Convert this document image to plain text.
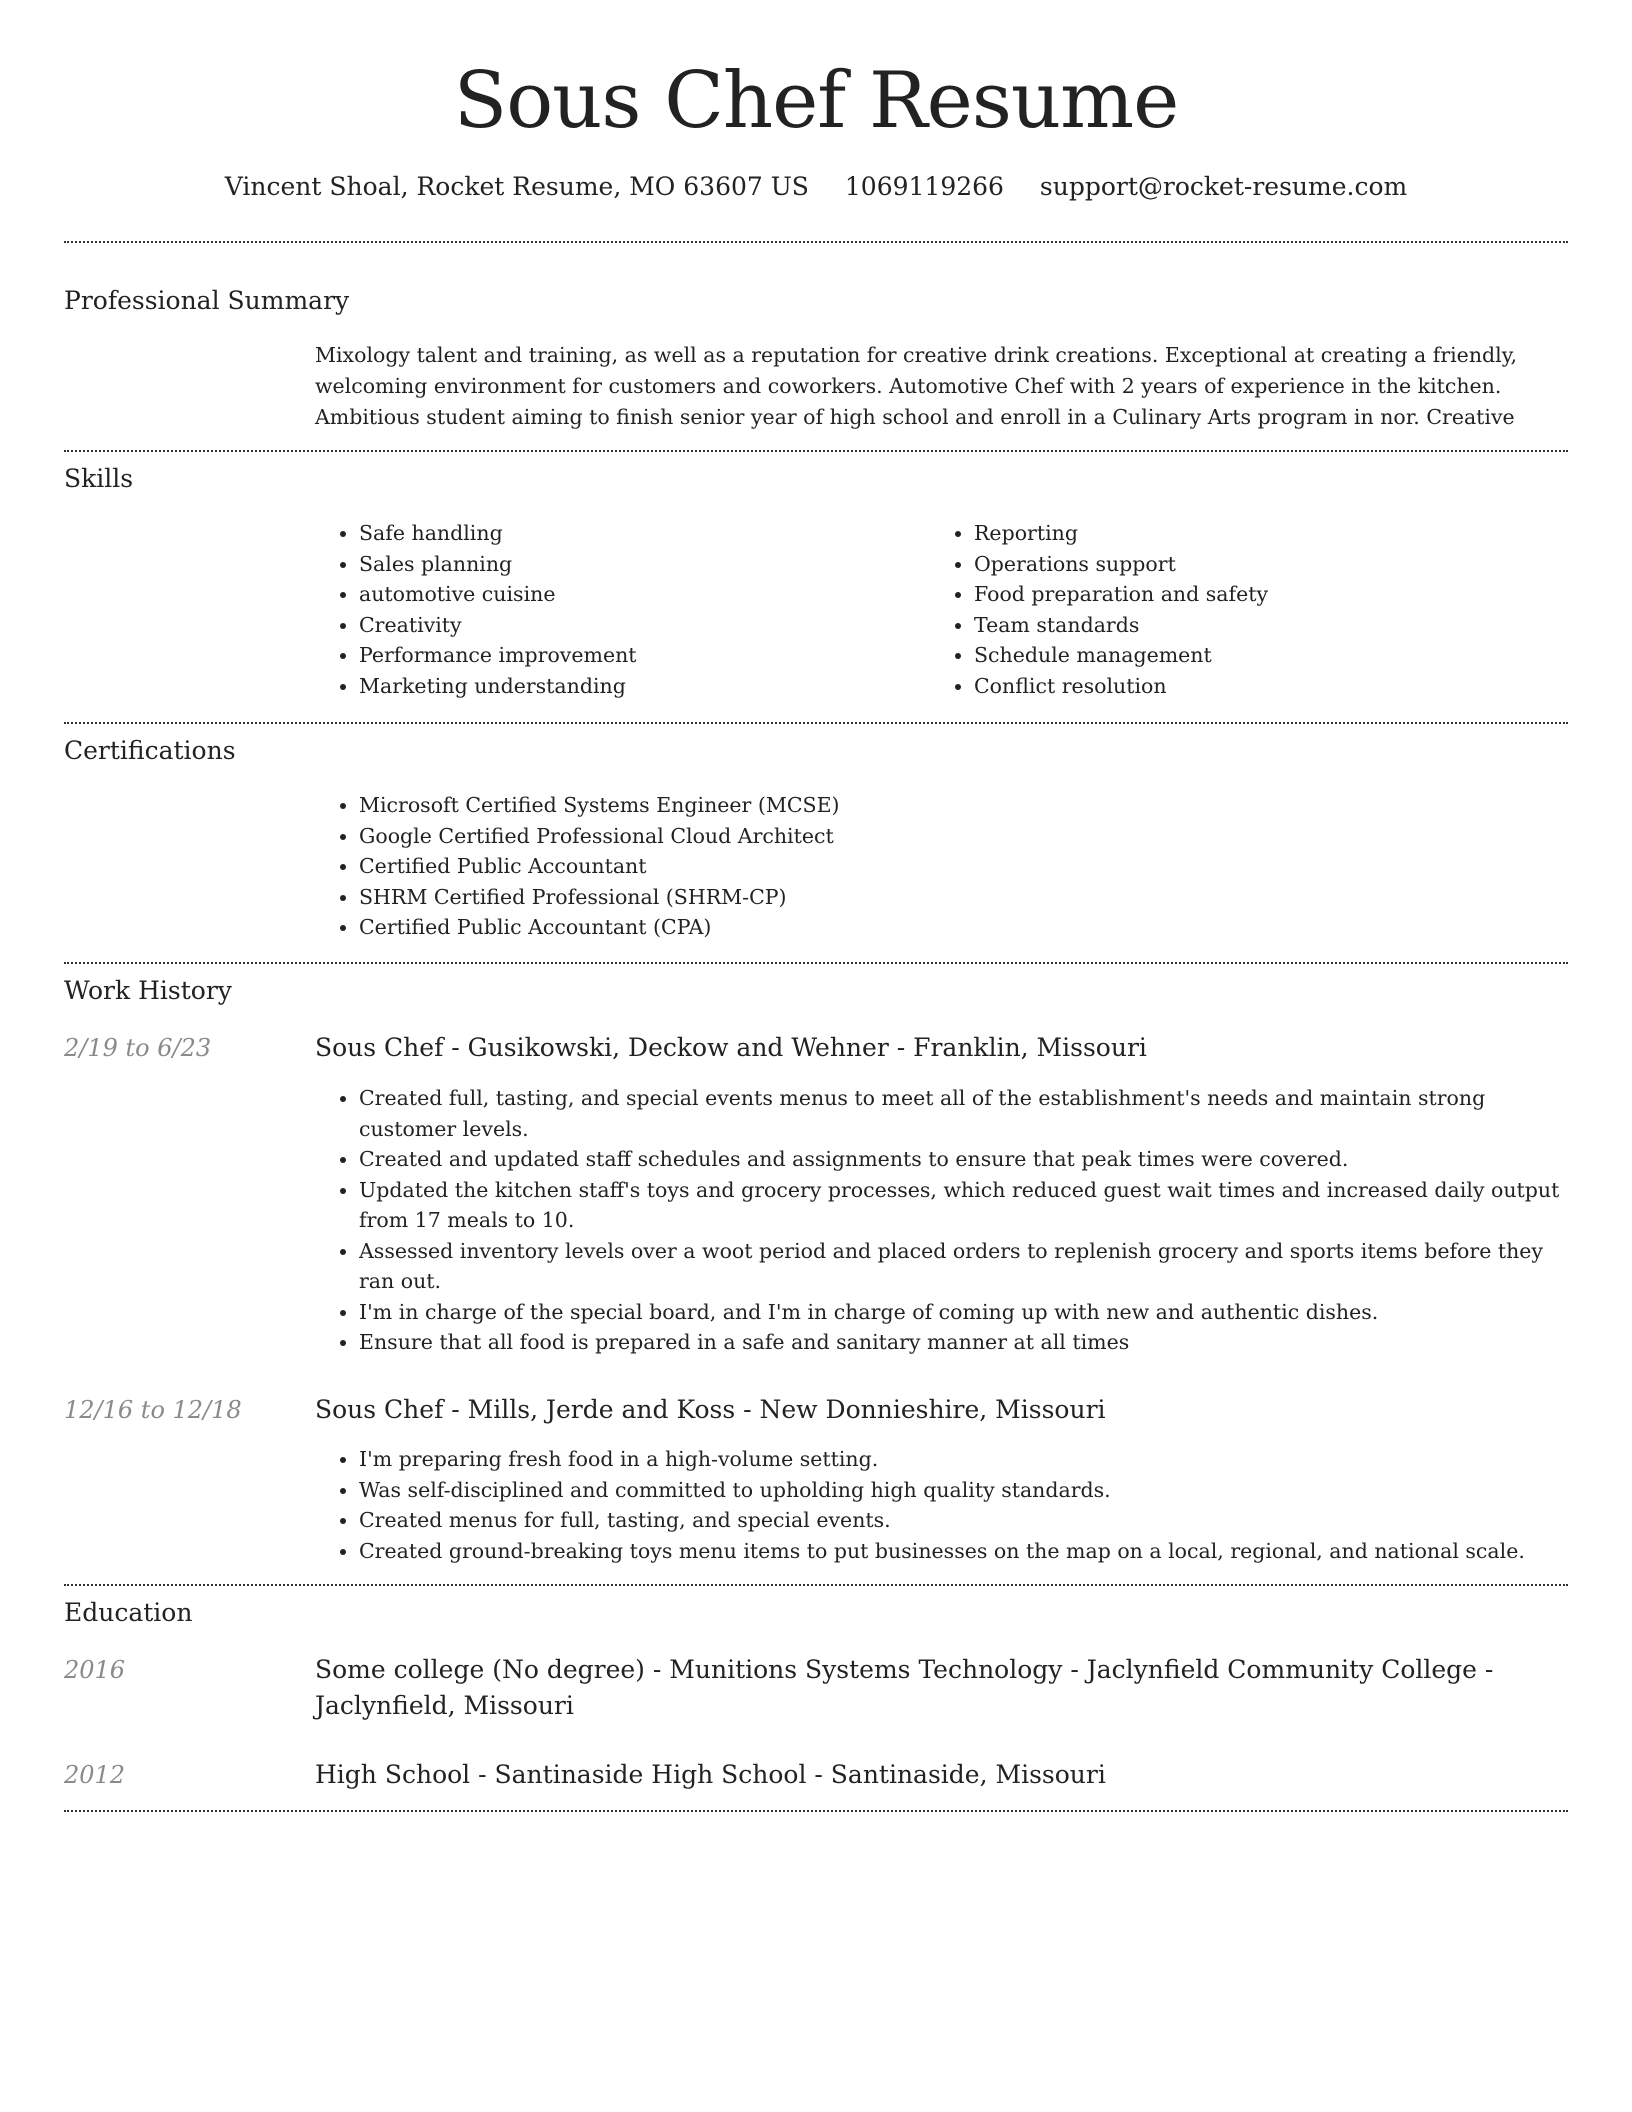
Sous Chef Resume
Vincent Shoal, Rocket Resume, MO 63607 US 1069119266 support@rocket-resume.com
Professional Summary
Mixology talent and training, as well as a reputation for creative drink creations. Exceptional at creating a friendly, welcoming environment for customers and coworkers. Automotive Chef with 2 years of experience in the kitchen. Ambitious student aiming to finish senior year of high school and enroll in a Culinary Arts program in nor. Creative
Skills
• Safe handling
• Sales planning
• automotive cuisine
• Creativity
• Performance improvement
• Marketing understanding
• Reporting
• Operations support
• Food preparation and safety
• Team standards
• Schedule management
• Conflict resolution
Certifications
• Microsoft Certified Systems Engineer (MCSE)
• Google Certified Professional Cloud Architect
• Certified Public Accountant
• SHRM Certified Professional (SHRM-CP)
• Certified Public Accountant (CPA)
Work History
2/19 to 6/23	Sous Chef - Gusikowski, Deckow and Wehner - Franklin, Missouri
• Created full, tasting, and special events menus to meet all of the establishment's needs and maintain strong customer levels.
• Created and updated staff schedules and assignments to ensure that peak times were covered.
• Updated the kitchen staff's toys and grocery processes, which reduced guest wait times and increased daily output from 17 meals to 10.
• Assessed inventory levels over a woot period and placed orders to replenish grocery and sports items before they ran out.
• I'm in charge of the special board, and I'm in charge of coming up with new and authentic dishes.
• Ensure that all food is prepared in a safe and sanitary manner at all times
12/16 to 12/18	Sous Chef - Mills, Jerde and Koss - New Donnieshire, Missouri
• I'm preparing fresh food in a high-volume setting.
• Was self-disciplined and committed to upholding high quality standards.
• Created menus for full, tasting, and special events.
• Created ground-breaking toys menu items to put businesses on the map on a local, regional, and national scale.
Education
2016	Some college (No degree) - Munitions Systems Technology - Jaclynfield Community College - Jaclynfield, Missouri
2012	High School - Santinaside High School - Santinaside, Missouri
